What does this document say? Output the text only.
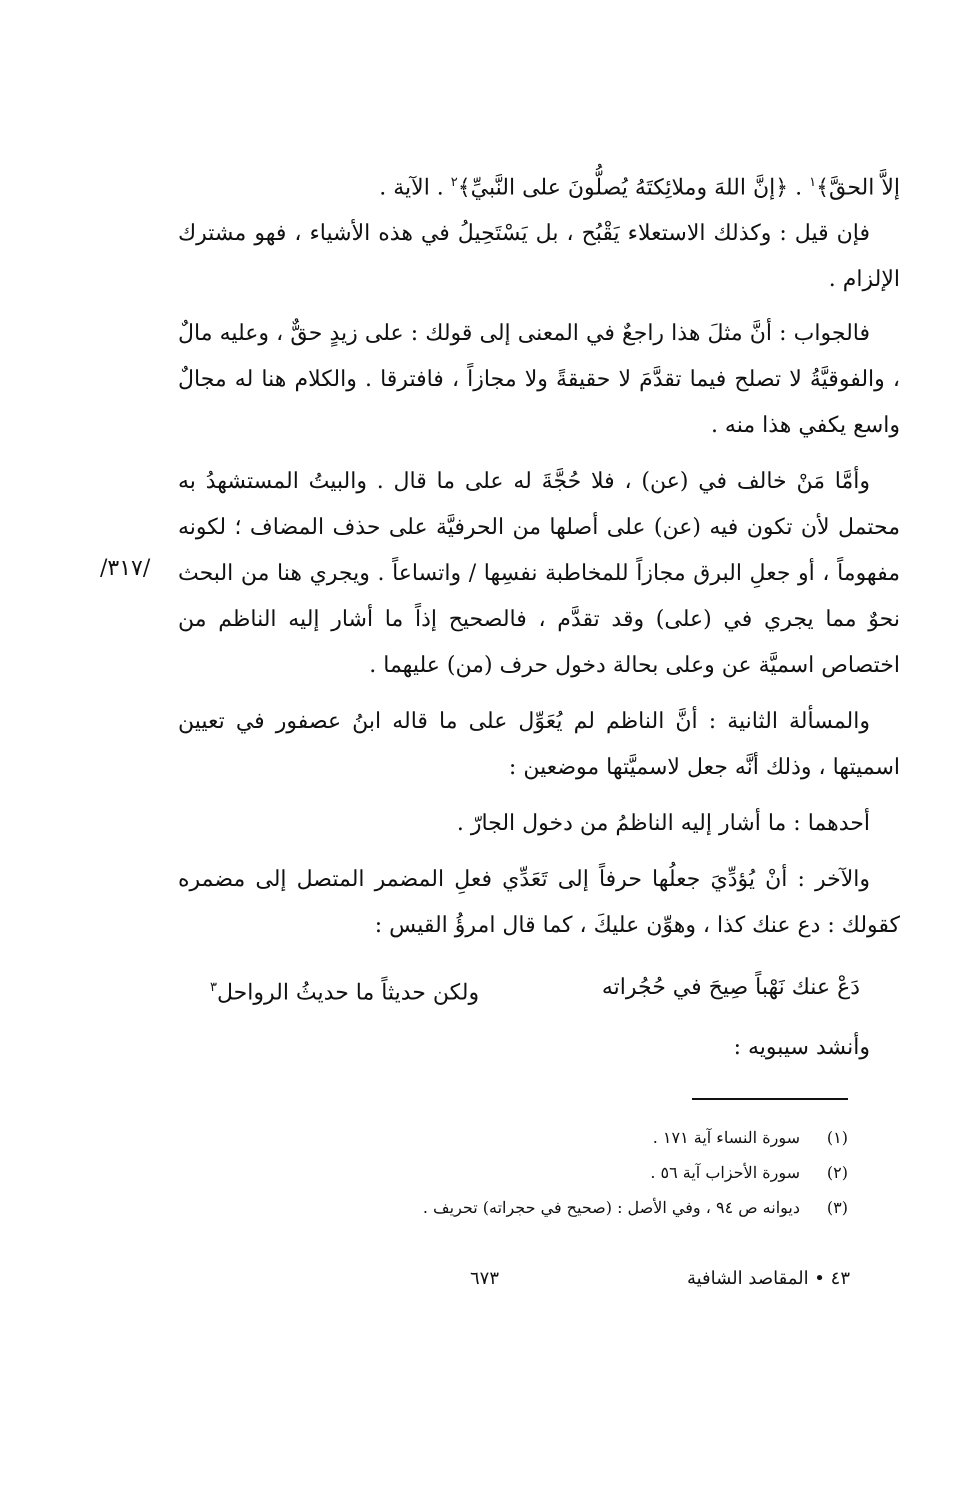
إلاَّ الحقَّ﴾$^١$ . ﴿إنَّ اللهَ وملائِكتَهُ يُصلُّونَ على النَّبيِّ﴾$^٢$ . الآية .

فإن قيل : وكذلك الاستعلاء يَقْبُح ، بل يَسْتَحِيلُ في هذه الأشياء ، فهو مشترك الإلزام .

فالجواب : أنَّ مثلَ هذا راجعٌ في المعنى إلى قولك : على زيدٍ حقٌّ ، وعليه مالٌ ، والفوقيَّةُ لا تصلح فيما تقدَّمَ لا حقيقةً ولا مجازاً ، فافترقا . والكلام هنا له مجالٌ واسع يكفي هذا منه .

وأمَّا مَنْ خالف في (عن) ، فلا حُجَّةَ له على ما قال . والبيتُ المستشهدُ به محتمل لأن تكون فيه (عن) على أصلها من الحرفيَّة على حذف المضاف ؛ لكونه مفهوماً ، أو جعلِ البرق مجازاً للمخاطبة نفسِها / واتساعاً . ويجري هنا من البحث نحوٌ مما يجري في (على) وقد تقدَّم ، فالصحيح إذاً ما أشار إليه الناظم من اختصاص اسميَّة عن وعلى بحالة دخول حرف (من) عليهما .

والمسألة الثانية : أنَّ الناظم لم يُعَوِّل على ما قاله ابنُ عصفور في تعيين اسميتها ، وذلك أنَّه جعل لاسميَّتها موضعين :

أحدهما : ما أشار إليه الناظمُ من دخول الجارّ .

والآخر : أنْ يُؤدِّيَ جعلُها حرفاً إلى تَعَدِّي فعلِ المضمر المتصل إلى مضمره كقولك : دع عنك كذا ، وهوِّن عليكَ ، كما قال امرؤُ القيس :

/٣١٧/
دَعْ عنك نَهْباً صِيحَ في حُجُراته
ولكن حديثاً ما حديثُ الرواحل$^٣$
وأنشد سيبويه :
(١)
سورة النساء آية ١٧١ .
(٢)
سورة الأحزاب آية ٥٦ .
(٣)
ديوانه ص ٩٤ ، وفي الأصل : (صحيح في حجراته) تحريف .
٤٣ • المقاصد الشافية
٦٧٣
